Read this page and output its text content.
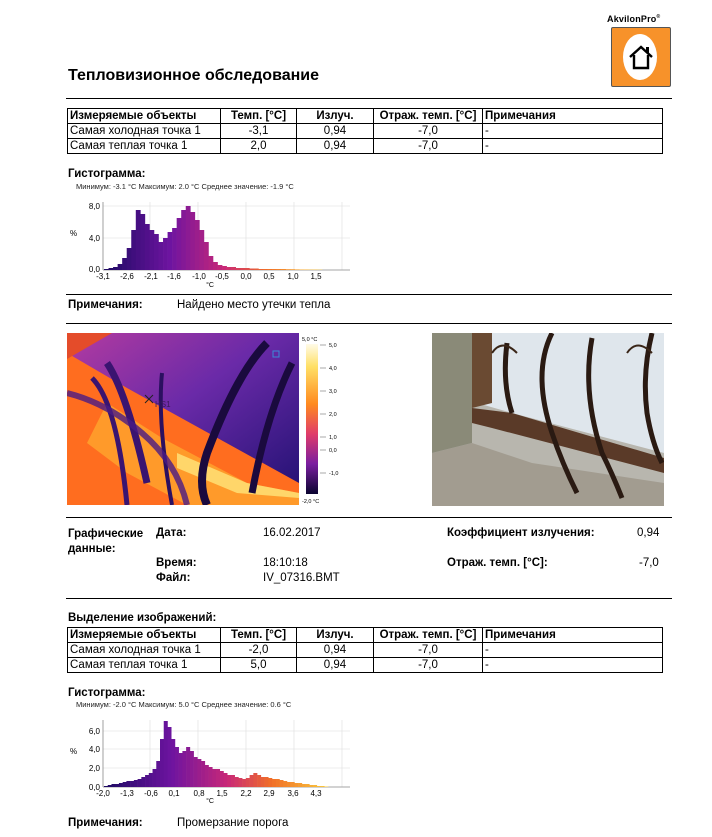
AkvilonPro®
Тепловизионное обследование
Измеряемые объекты	Темп. [°C]	Излуч.	Отраж. темп. [°C]	Примечания
Самая холодная точка 1	-3,1	0,94	-7,0	-
Самая теплая точка 1	2,0	0,94	-7,0	-
Гистограмма:
Минимум: -3.1 °C Максимум: 2.0 °C Среднее значение: -1.9 °C
%
0,0
4,0
8,0
-3,1 -2,6 -2,1 -1,6 -1,0 -0,5 0,0 0,5 1,0 1,5
°C
Примечания:	Найдено место утечки тепла
HS1
5,0 °C
-2,0 °C
5,0
4,0
3,0
2,0
1,0
0,0
-1,0
Графические данные:
Дата:	16.02.2017	Коэффициент излучения:	0,94
Время:	18:10:18	Отраж. темп. [°C]:	-7,0
Файл:	IV_07316.BMT
Выделение изображений:
Измеряемые объекты	Темп. [°C]	Излуч.	Отраж. темп. [°C]	Примечания
Самая холодная точка 1	-2,0	0,94	-7,0	-
Самая теплая точка 1	5,0	0,94	-7,0	-
Гистограмма:
Минимум: -2.0 °C Максимум: 5.0 °C Среднее значение: 0.6 °C
%
0,0
2,0
4,0
6,0
-2,0 -1,3 -0,6 0,1 0,8 1,5 2,2 2,9 3,6 4,3
°C
Примечания:	Промерзание порога
